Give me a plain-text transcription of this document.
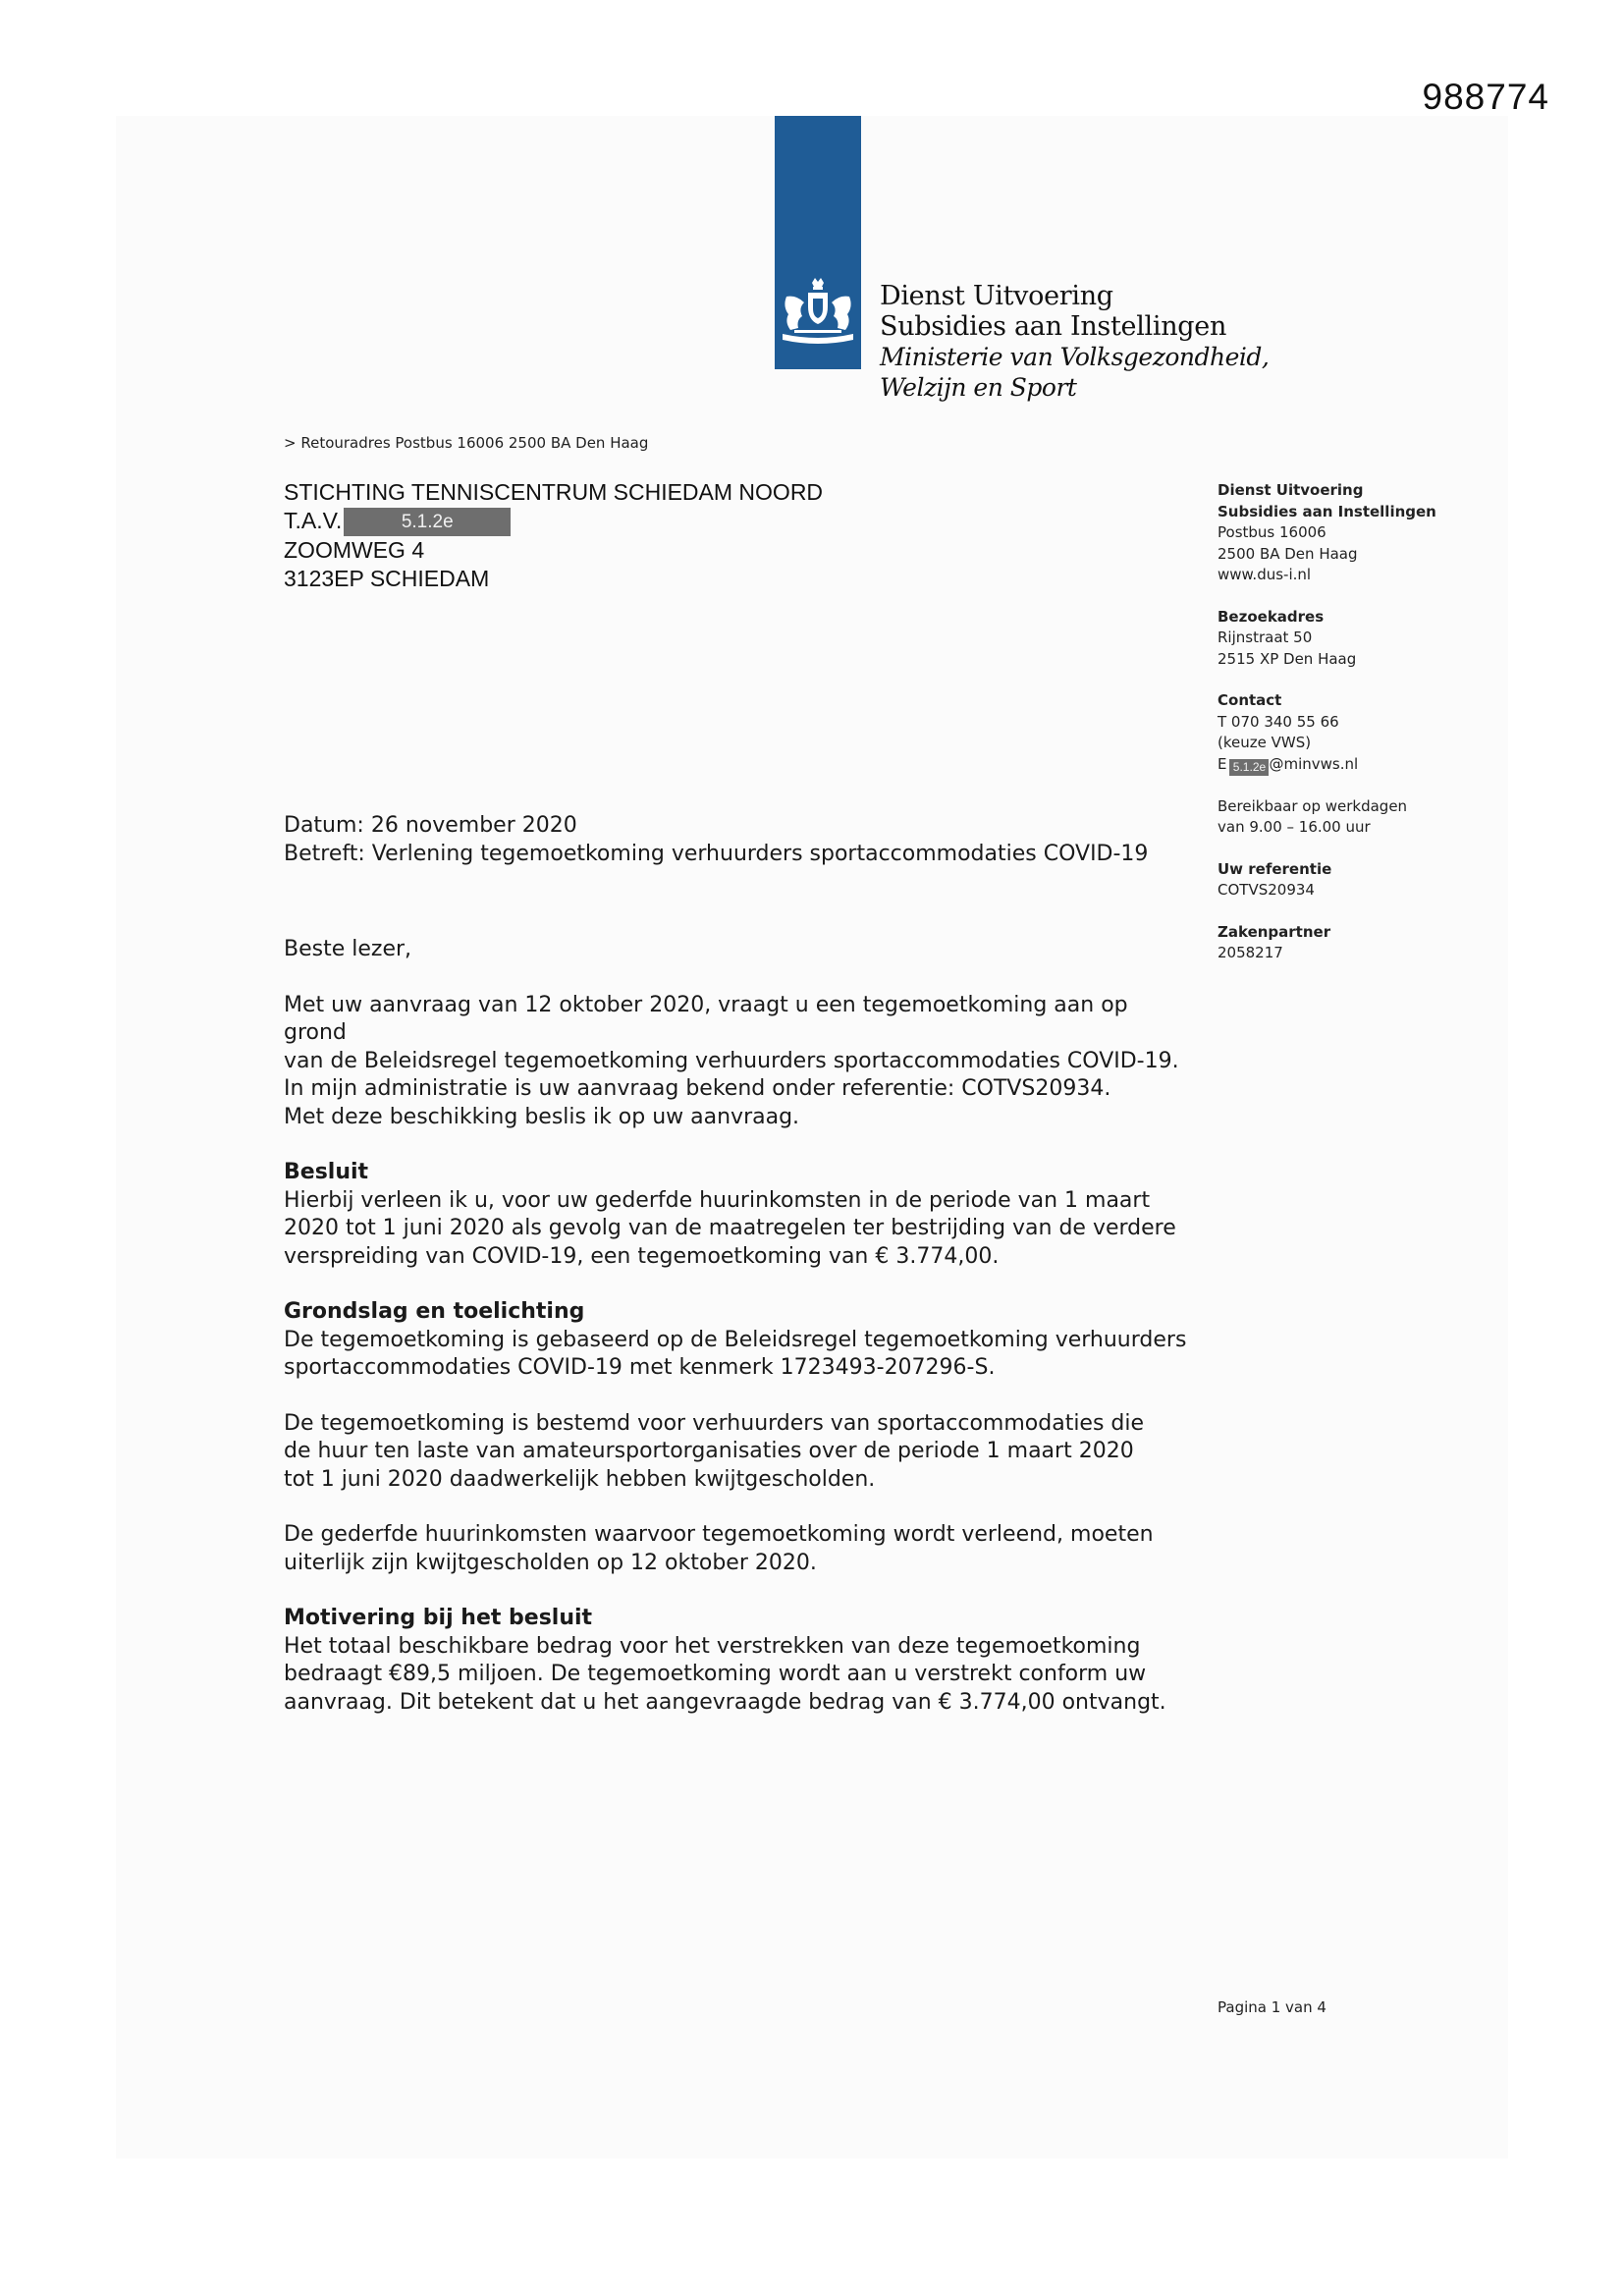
988774
Dienst Uitvoering
Subsidies aan Instellingen
Ministerie van Volksgezondheid,
Welzijn en Sport
> Retouradres Postbus 16006 2500 BA Den Haag
STICHTING TENNISCENTRUM SCHIEDAM NOORD
T.A.V.	5.1.2e
ZOOMWEG 4
3123EP SCHIEDAM
Dienst Uitvoering
Subsidies aan Instellingen
Postbus 16006
2500 BA Den Haag
www.dus-i.nl
Bezoekadres
Rijnstraat 50
2515 XP Den Haag
Contact
T 070 340 55 66
(keuze VWS)
E 5.1.2e @minvws.nl
Bereikbaar op werkdagen
van 9.00 – 16.00 uur
Uw referentie
COTVS20934
Zakenpartner
2058217
Datum: 26 november 2020
Betreft: Verlening tegemoetkoming verhuurders sportaccommodaties COVID-19

Beste lezer,

Met uw aanvraag van 12 oktober 2020, vraagt u een tegemoetkoming aan op grond
van de Beleidsregel tegemoetkoming verhuurders sportaccommodaties COVID-19.
In mijn administratie is uw aanvraag bekend onder referentie: COTVS20934.
Met deze beschikking beslis ik op uw aanvraag.
Besluit
Hierbij verleen ik u, voor uw gederfde huurinkomsten in de periode van 1 maart
2020 tot 1 juni 2020 als gevolg van de maatregelen ter bestrijding van de verdere
verspreiding van COVID-19, een tegemoetkoming van € 3.774,00.
Grondslag en toelichting
De tegemoetkoming is gebaseerd op de Beleidsregel tegemoetkoming verhuurders
sportaccommodaties COVID-19 met kenmerk 1723493-207296-S.
De tegemoetkoming is bestemd voor verhuurders van sportaccommodaties die
de huur ten laste van amateursportorganisaties over de periode 1 maart 2020
tot 1 juni 2020 daadwerkelijk hebben kwijtgescholden.
De gederfde huurinkomsten waarvoor tegemoetkoming wordt verleend, moeten
uiterlijk zijn kwijtgescholden op 12 oktober 2020.
Motivering bij het besluit
Het totaal beschikbare bedrag voor het verstrekken van deze tegemoetkoming
bedraagt €89,5 miljoen. De tegemoetkoming wordt aan u verstrekt conform uw
aanvraag. Dit betekent dat u het aangevraagde bedrag van € 3.774,00 ontvangt.
Pagina 1 van 4
